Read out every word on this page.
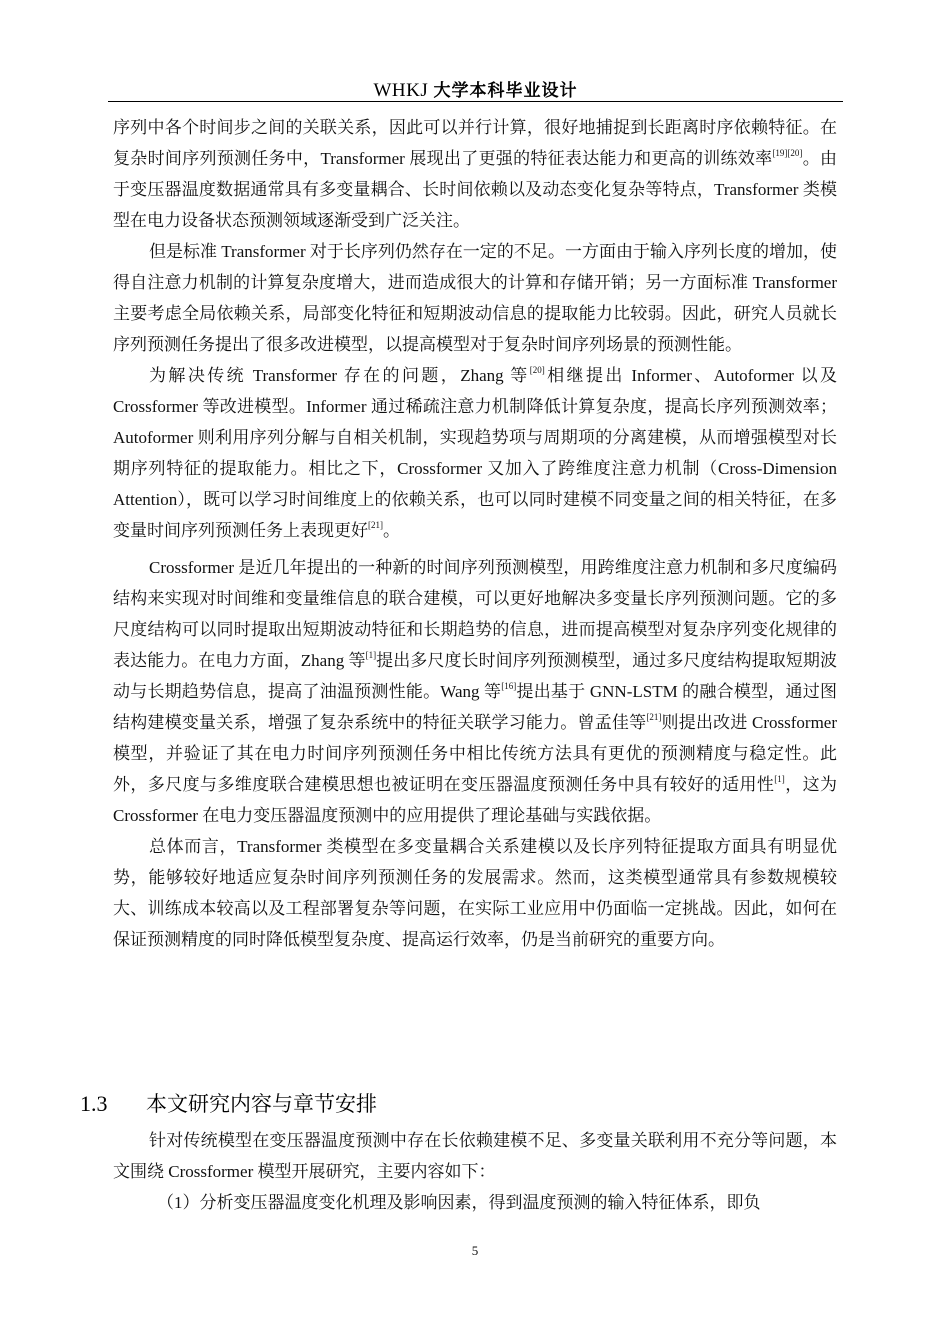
WHKJ 大学本科毕业设计

序列中各个时间步之间的关联关系，因此可以并行计算，很好地捕捉到长距离时序依赖特征。在复杂时间序列预测任务中，Transformer 展现出了更强的特征表达能力和更高的训练效率[19][20]。由于变压器温度数据通常具有多变量耦合、长时间依赖以及动态变化复杂等特点，Transformer 类模型在电力设备状态预测领域逐渐受到广泛关注。

但是标准 Transformer 对于长序列仍然存在一定的不足。一方面由于输入序列长度的增加，使得自注意力机制的计算复杂度增大，进而造成很大的计算和存储开销；另一方面标准 Transformer 主要考虑全局依赖关系，局部变化特征和短期波动信息的提取能力比较弱。因此，研究人员就长序列预测任务提出了很多改进模型，以提高模型对于复杂时间序列场景的预测性能。

为解决传统 Transformer 存在的问题，Zhang 等[20]相继提出 Informer、Autoformer 以及 Crossformer 等改进模型。Informer 通过稀疏注意力机制降低计算复杂度，提高长序列预测效率；Autoformer 则利用序列分解与自相关机制，实现趋势项与周期项的分离建模，从而增强模型对长期序列特征的提取能力。相比之下，Crossformer 又加入了跨维度注意力机制（Cross-Dimension Attention），既可以学习时间维度上的依赖关系，也可以同时建模不同变量之间的相关特征，在多变量时间序列预测任务上表现更好[21]。

Crossformer 是近几年提出的一种新的时间序列预测模型，用跨维度注意力机制和多尺度编码结构来实现对时间维和变量维信息的联合建模，可以更好地解决多变量长序列预测问题。它的多尺度结构可以同时提取出短期波动特征和长期趋势的信息，进而提高模型对复杂序列变化规律的表达能力。在电力方面，Zhang 等[1]提出多尺度长时间序列预测模型，通过多尺度结构提取短期波动与长期趋势信息，提高了油温预测性能。Wang 等[16]提出基于 GNN-LSTM 的融合模型，通过图结构建模变量关系，增强了复杂系统中的特征关联学习能力。曾孟佳等[21]则提出改进 Crossformer 模型，并验证了其在电力时间序列预测任务中相比传统方法具有更优的预测精度与稳定性。此外，多尺度与多维度联合建模思想也被证明在变压器温度预测任务中具有较好的适用性[1]，这为 Crossformer 在电力变压器温度预测中的应用提供了理论基础与实践依据。

总体而言，Transformer 类模型在多变量耦合关系建模以及长序列特征提取方面具有明显优势，能够较好地适应复杂时间序列预测任务的发展需求。然而，这类模型通常具有参数规模较大、训练成本较高以及工程部署复杂等问题，在实际工业应用中仍面临一定挑战。因此，如何在保证预测精度的同时降低模型复杂度、提高运行效率，仍是当前研究的重要方向。

1.3 本文研究内容与章节安排

针对传统模型在变压器温度预测中存在长依赖建模不足、多变量关联利用不充分等问题，本文围绕 Crossformer 模型开展研究，主要内容如下：

（1）分析变压器温度变化机理及影响因素，得到温度预测的输入特征体系，即负

5
